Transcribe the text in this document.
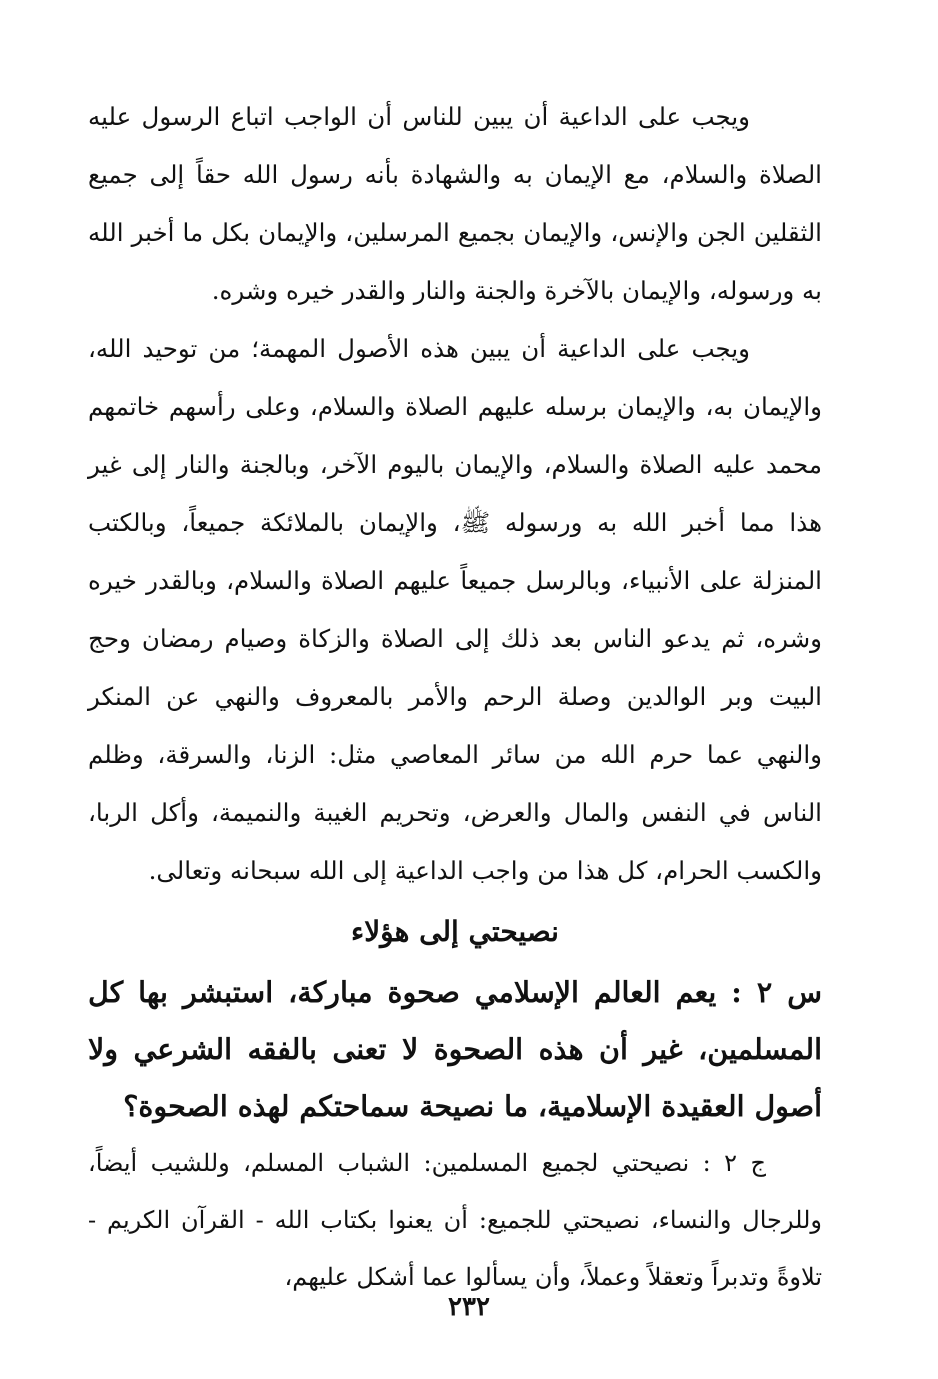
ويجب على الداعية أن يبين للناس أن الواجب اتباع الرسول عليه الصلاة والسلام، مع الإيمان به والشهادة بأنه رسول الله حقاً إلى جميع الثقلين الجن والإنس، والإيمان بجميع المرسلين، والإيمان بكل ما أخبر الله به ورسوله، والإيمان بالآخرة والجنة والنار والقدر خيره وشره.

ويجب على الداعية أن يبين هذه الأصول المهمة؛ من توحيد الله، والإيمان به، والإيمان برسله عليهم الصلاة والسلام، وعلى رأسهم خاتمهم محمد عليه الصلاة والسلام، والإيمان باليوم الآخر، وبالجنة والنار إلى غير هذا مما أخبر الله به ورسوله ﷺ، والإيمان بالملائكة جميعاً، وبالكتب المنزلة على الأنبياء، وبالرسل جميعاً عليهم الصلاة والسلام، وبالقدر خيره وشره، ثم يدعو الناس بعد ذلك إلى الصلاة والزكاة وصيام رمضان وحج البيت وبر الوالدين وصلة الرحم والأمر بالمعروف والنهي عن المنكر والنهي عما حرم الله من سائر المعاصي مثل: الزنا، والسرقة، وظلم الناس في النفس والمال والعرض، وتحريم الغيبة والنميمة، وأكل الربا، والكسب الحرام، كل هذا من واجب الداعية إلى الله سبحانه وتعالى.

نصيحتي إلى هؤلاء

س ٢ : يعم العالم الإسلامي صحوة مباركة، استبشر بها كل المسلمين، غير أن هذه الصحوة لا تعنى بالفقه الشرعي ولا أصول العقيدة الإسلامية، ما نصيحة سماحتكم لهذه الصحوة؟

ج ٢ : نصيحتي لجميع المسلمين: الشباب المسلم، وللشيب أيضاً، وللرجال والنساء، نصيحتي للجميع: أن يعنوا بكتاب الله - القرآن الكريم - تلاوةً وتدبراً وتعقلاً وعملاً، وأن يسألوا عما أشكل عليهم،

٢٣٢
